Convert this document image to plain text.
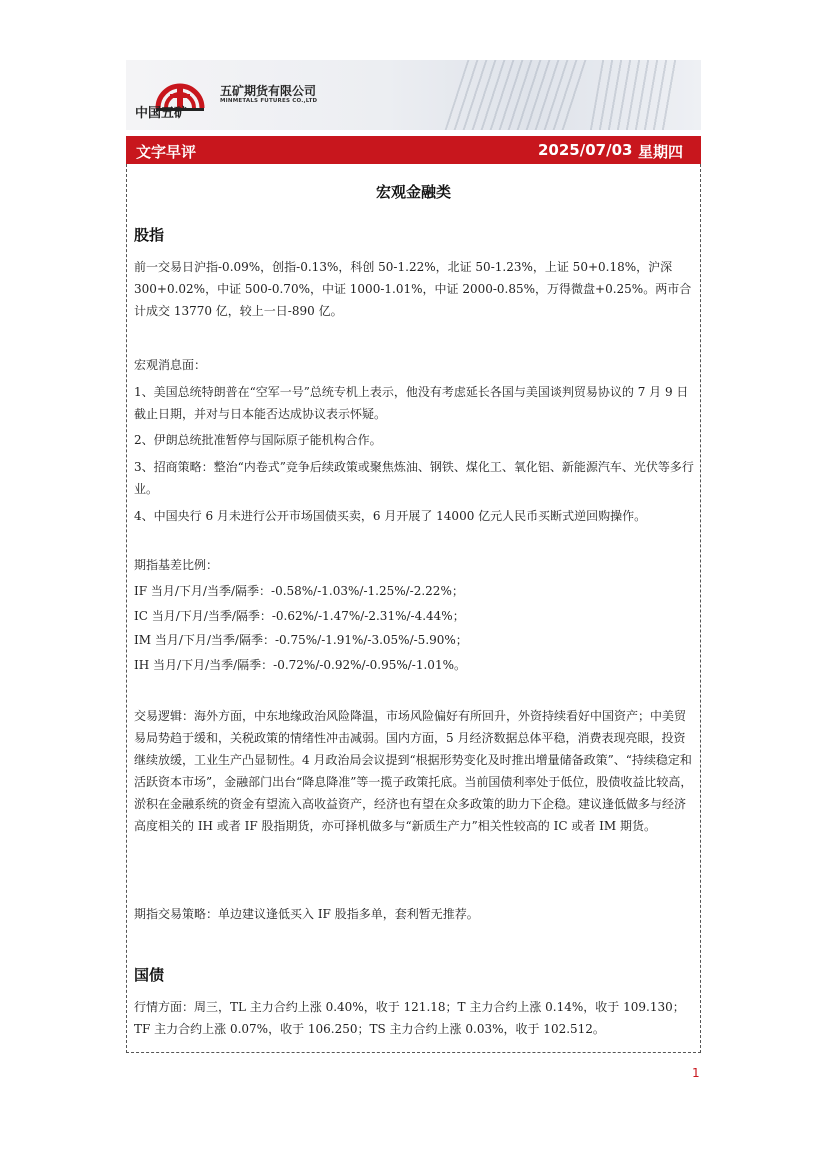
中国五矿
五矿期货有限公司
MINMETALS FUTURES CO.,LTD
文字早评	2025/07/03 星期四
宏观金融类
股指

前一交易日沪指-0.09%，创指-0.13%，科创 50-1.22%，北证 50-1.23%，上证 50+0.18%，沪深 300+0.02%，中证 500-0.70%，中证 1000-1.01%，中证 2000-0.85%，万得微盘+0.25%。两市合计成交 13770 亿，较上一日-890 亿。

宏观消息面：

1、美国总统特朗普在“空军一号”总统专机上表示，他没有考虑延长各国与美国谈判贸易协议的 7 月 9 日截止日期，并对与日本能否达成协议表示怀疑。

2、伊朗总统批准暂停与国际原子能机构合作。

3、招商策略：整治“内卷式”竞争后续政策或聚焦炼油、钢铁、煤化工、氧化铝、新能源汽车、光伏等多行业。

4、中国央行 6 月未进行公开市场国债买卖，6 月开展了 14000 亿元人民币买断式逆回购操作。

期指基差比例：

IF 当月/下月/当季/隔季：-0.58%/-1.03%/-1.25%/-2.22%；

IC 当月/下月/当季/隔季：-0.62%/-1.47%/-2.31%/-4.44%；

IM 当月/下月/当季/隔季：-0.75%/-1.91%/-3.05%/-5.90%；

IH 当月/下月/当季/隔季：-0.72%/-0.92%/-0.95%/-1.01%。

交易逻辑：海外方面，中东地缘政治风险降温，市场风险偏好有所回升，外资持续看好中国资产；中美贸易局势趋于缓和，关税政策的情绪性冲击减弱。国内方面，5 月经济数据总体平稳，消费表现亮眼，投资继续放缓，工业生产凸显韧性。4 月政治局会议提到“根据形势变化及时推出增量储备政策”、“持续稳定和活跃资本市场”，金融部门出台“降息降准”等一揽子政策托底。当前国债利率处于低位，股债收益比较高，淤积在金融系统的资金有望流入高收益资产，经济也有望在众多政策的助力下企稳。建议逢低做多与经济高度相关的 IH 或者 IF 股指期货，亦可择机做多与“新质生产力”相关性较高的 IC 或者 IM 期货。

期指交易策略：单边建议逢低买入 IF 股指多单，套利暂无推荐。

国债

行情方面：周三，TL 主力合约上涨 0.40%，收于 121.18；T 主力合约上涨 0.14%，收于 109.130；TF 主力合约上涨 0.07%，收于 106.250；TS 主力合约上涨 0.03%，收于 102.512。

1
